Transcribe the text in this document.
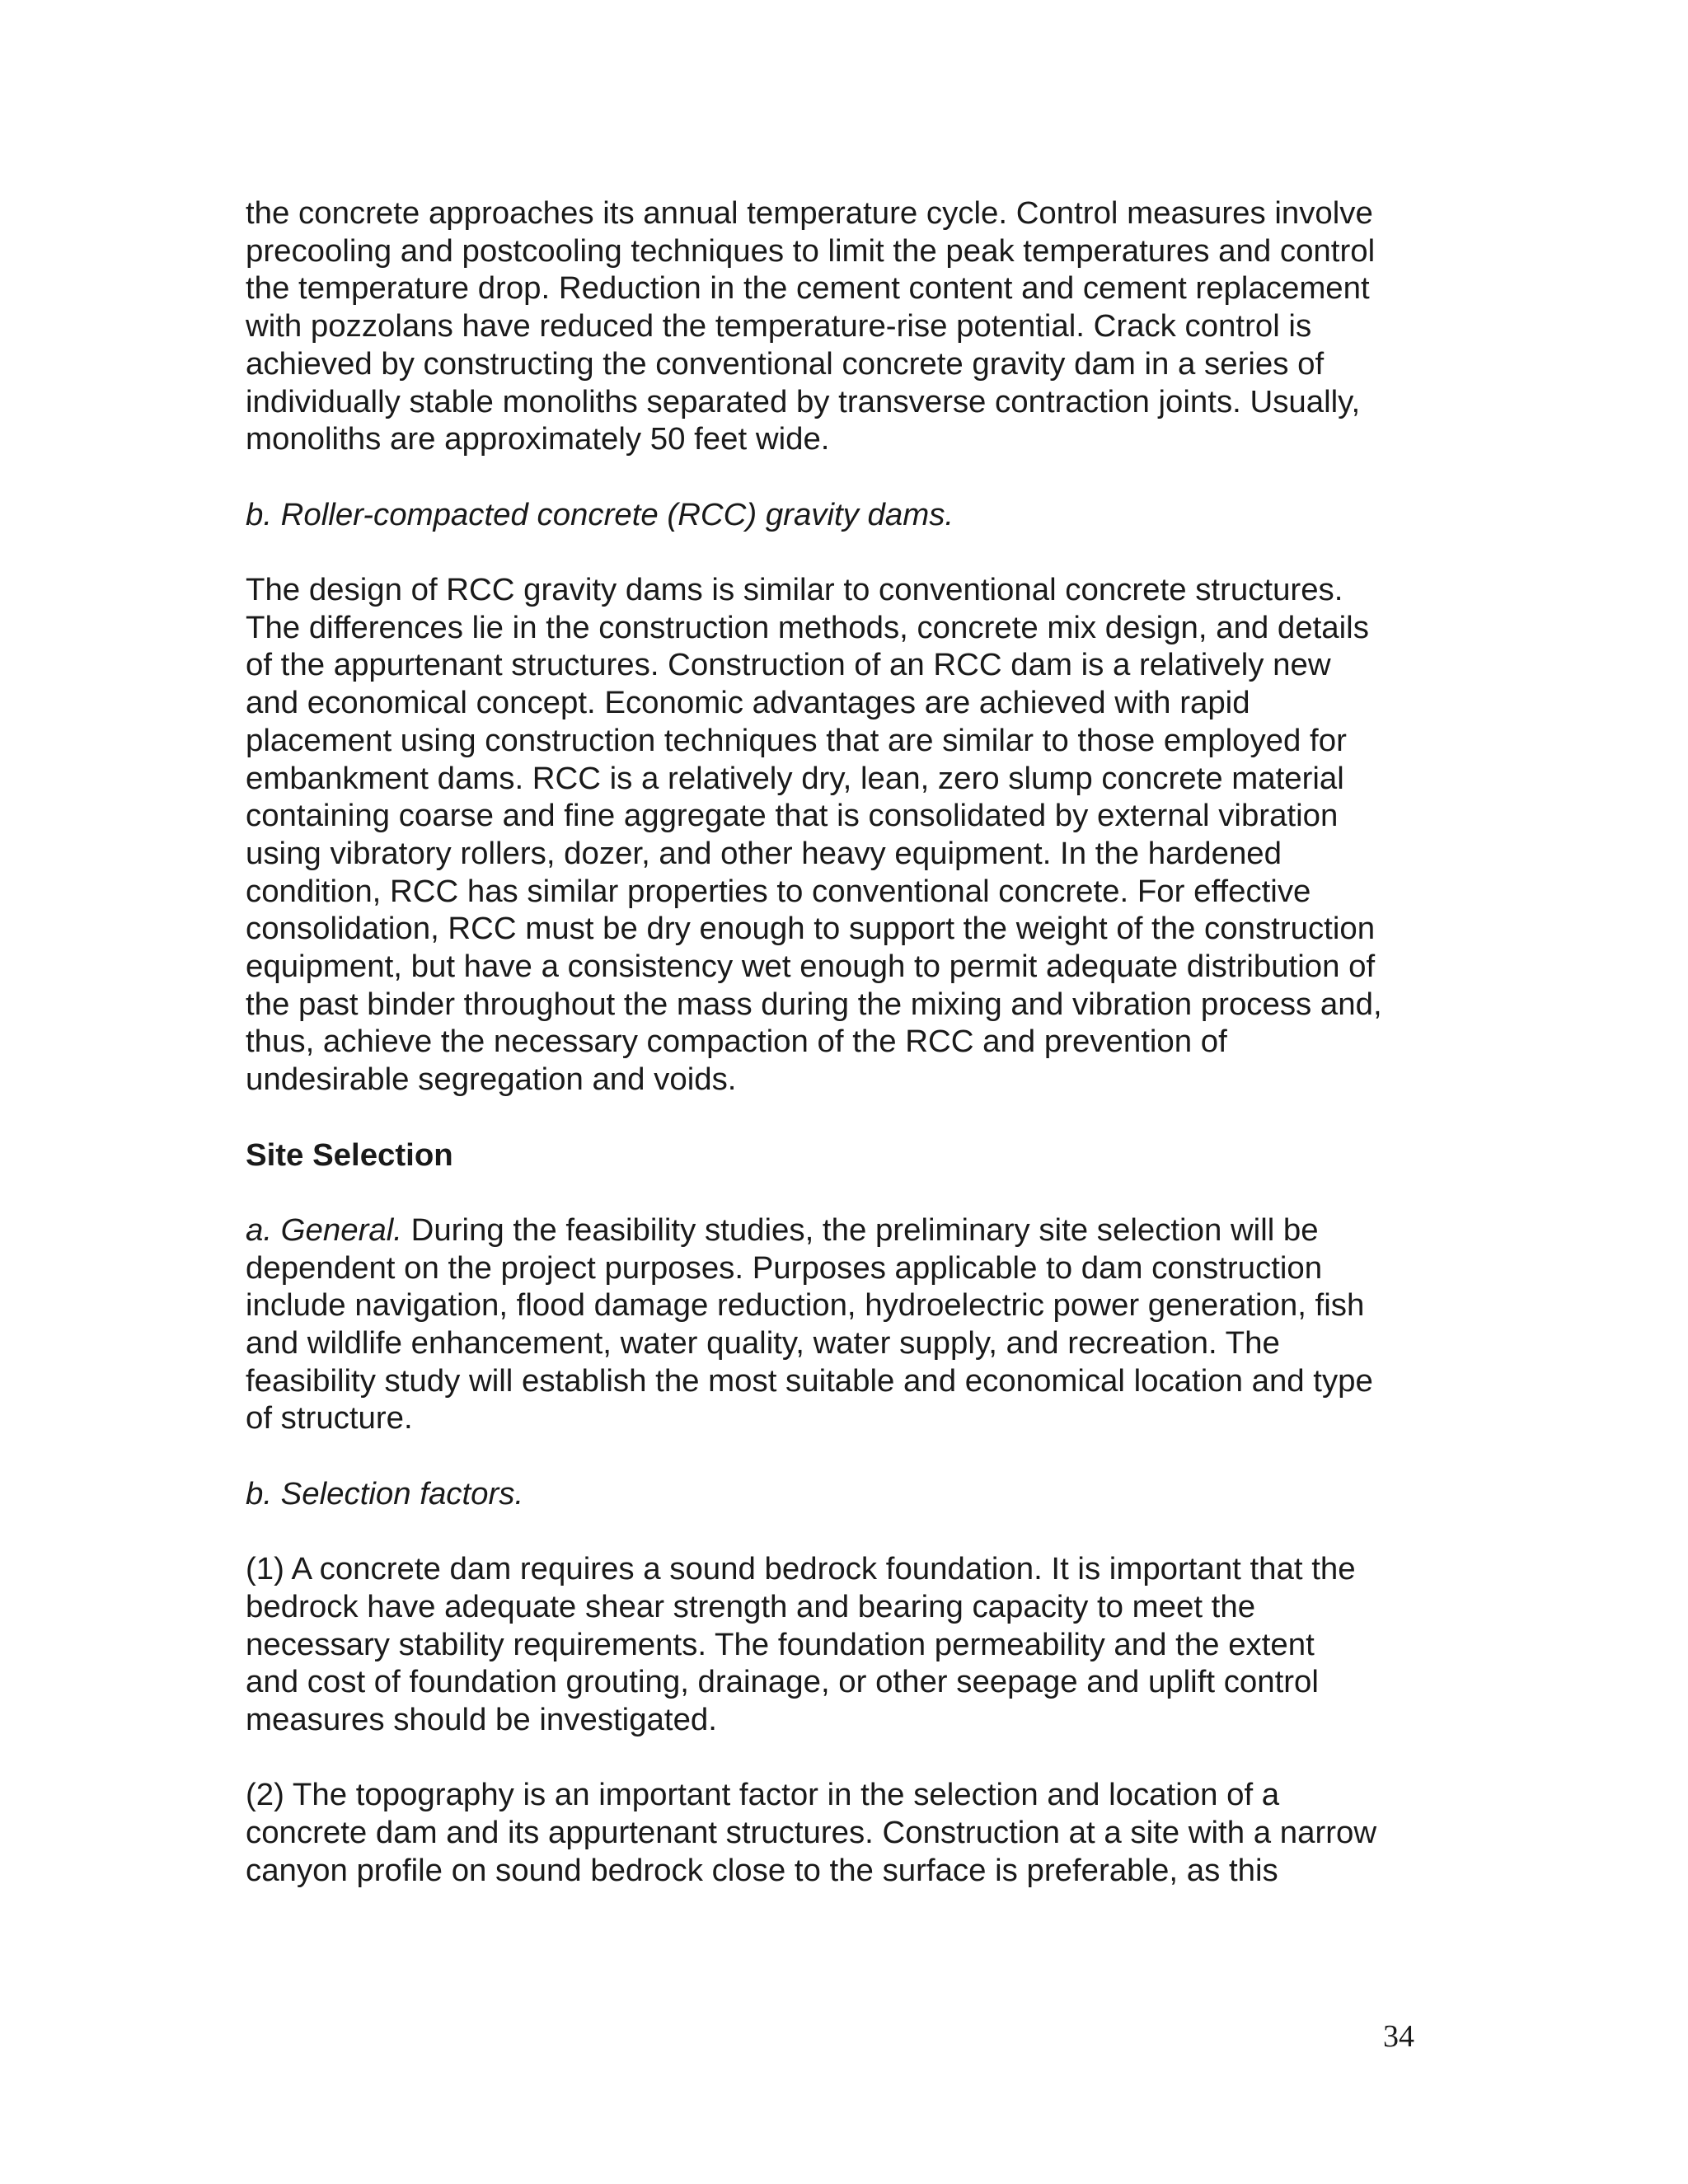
the concrete approaches its annual temperature cycle. Control measures involve
precooling and postcooling techniques to limit the peak temperatures and control
the temperature drop. Reduction in the cement content and cement replacement
with pozzolans have reduced the temperature-rise potential. Crack control is
achieved by constructing the conventional concrete gravity dam in a series of
individually stable monoliths separated by transverse contraction joints. Usually,
monoliths are approximately 50 feet wide.

b. Roller-compacted concrete (RCC) gravity dams.

The design of RCC gravity dams is similar to conventional concrete structures.
The differences lie in the construction methods, concrete mix design, and details
of the appurtenant structures. Construction of an RCC dam is a relatively new
and economical concept. Economic advantages are achieved with rapid
placement using construction techniques that are similar to those employed for
embankment dams. RCC is a relatively dry, lean, zero slump concrete material
containing coarse and fine aggregate that is consolidated by external vibration
using vibratory rollers, dozer, and other heavy equipment. In the hardened
condition, RCC has similar properties to conventional concrete. For effective
consolidation, RCC must be dry enough to support the weight of the construction
equipment, but have a consistency wet enough to permit adequate distribution of
the past binder throughout the mass during the mixing and vibration process and,
thus, achieve the necessary compaction of the RCC and prevention of
undesirable segregation and voids.

Site Selection

a. General. During the feasibility studies, the preliminary site selection will be
dependent on the project purposes. Purposes applicable to dam construction
include navigation, flood damage reduction, hydroelectric power generation, fish
and wildlife enhancement, water quality, water supply, and recreation. The
feasibility study will establish the most suitable and economical location and type
of structure.

b. Selection factors.

(1) A concrete dam requires a sound bedrock foundation. It is important that the
bedrock have adequate shear strength and bearing capacity to meet the
necessary stability requirements. The foundation permeability and the extent
and cost of foundation grouting, drainage, or other seepage and uplift control
measures should be investigated.

(2) The topography is an important factor in the selection and location of a
concrete dam and its appurtenant structures. Construction at a site with a narrow
canyon profile on sound bedrock close to the surface is preferable, as this

34
